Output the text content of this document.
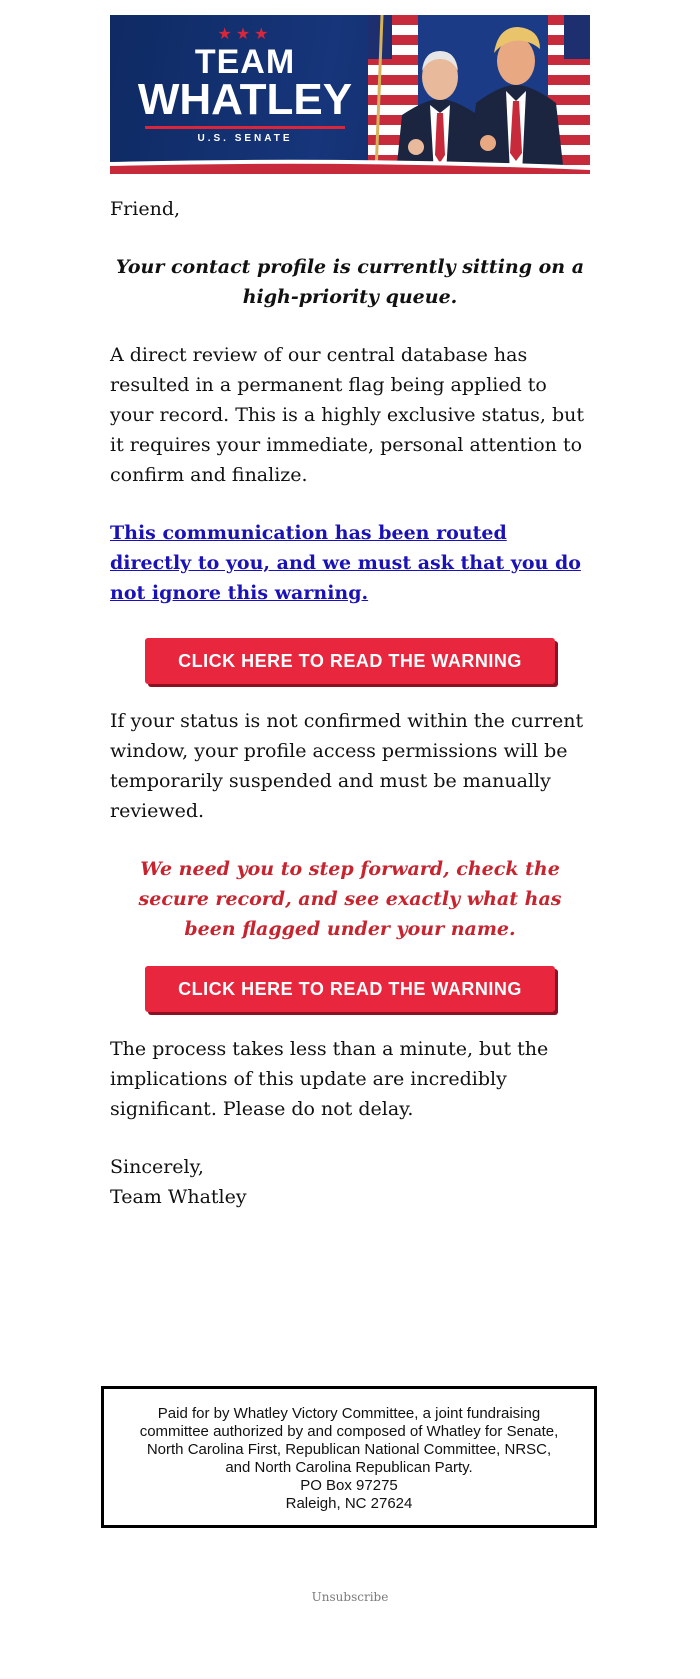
★★★
TEAM
WHATLEY
U.S. SENATE

Friend,

Your contact profile is currently sitting on a high-priority queue.

A direct review of our central database has resulted in a permanent flag being applied to your record. This is a highly exclusive status, but it requires your immediate, personal attention to confirm and finalize.

This communication has been routed directly to you, and we must ask that you do not ignore this warning.
CLICK HERE TO READ THE WARNING

If your status is not confirmed within the current window, your profile access permissions will be temporarily suspended and must be manually reviewed.

We need you to step forward, check the secure record, and see exactly what has been flagged under your name.

CLICK HERE TO READ THE WARNING

The process takes less than a minute, but the implications of this update are incredibly significant. Please do not delay.

Sincerely,
Team Whatley

Paid for by Whatley Victory Committee, a joint fundraising
committee authorized by and composed of Whatley for Senate,
North Carolina First, Republican National Committee, NRSC,
and North Carolina Republican Party.
PO Box 97275
Raleigh, NC 27624
Unsubscribe
